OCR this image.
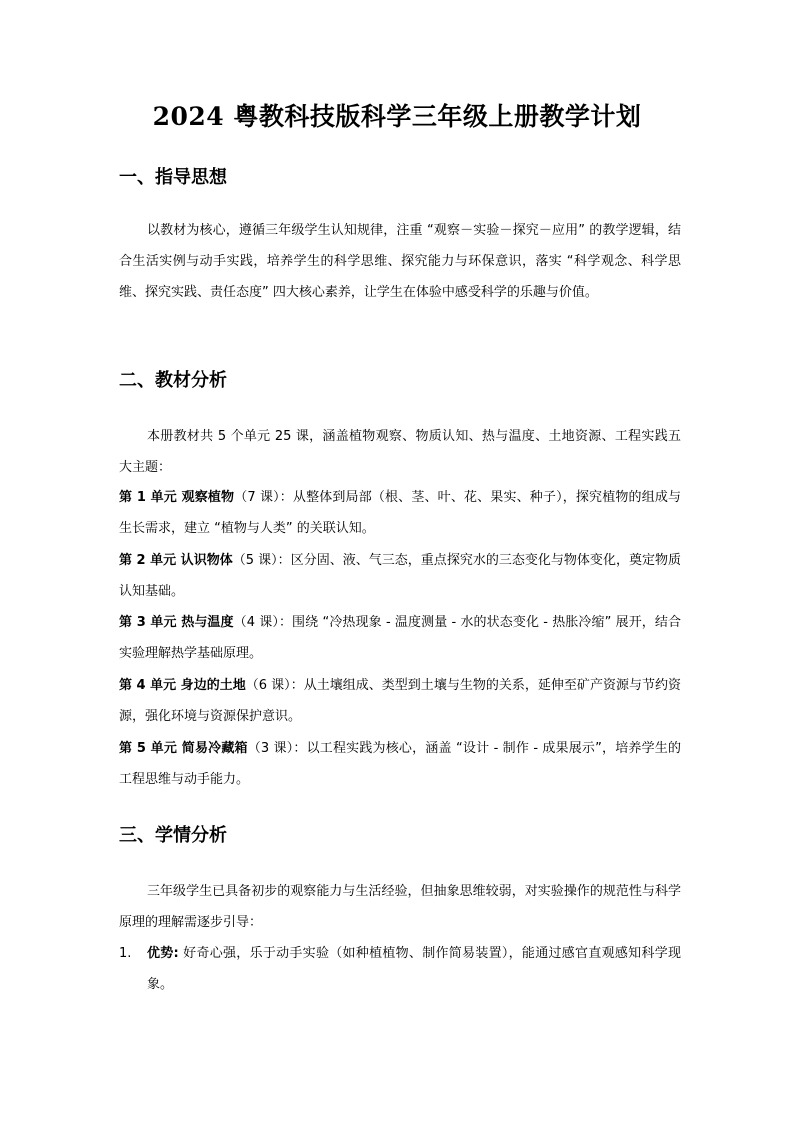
2024 粤教科技版科学三年级上册教学计划
一、指导思想

以教材为核心，遵循三年级学生认知规律，注重 “观察－实验－探究－应用” 的教学逻辑，结合生活实例与动手实践，培养学生的科学思维、探究能力与环保意识，落实 “科学观念、科学思维、探究实践、责任态度” 四大核心素养，让学生在体验中感受科学的乐趣与价值。

二、教材分析

本册教材共 5 个单元 25 课，涵盖植物观察、物质认知、热与温度、土地资源、工程实践五大主题：

第 1 单元 观察植物（7 课）：从整体到局部（根、茎、叶、花、果实、种子），探究植物的组成与生长需求，建立 “植物与人类” 的关联认知。

第 2 单元 认识物体（5 课）：区分固、液、气三态，重点探究水的三态变化与物体变化，奠定物质认知基础。

第 3 单元 热与温度（4 课）：围绕 “冷热现象 - 温度测量 - 水的状态变化 - 热胀冷缩” 展开，结合实验理解热学基础原理。

第 4 单元 身边的土地（6 课）：从土壤组成、类型到土壤与生物的关系，延伸至矿产资源与节约资源，强化环境与资源保护意识。

第 5 单元 简易冷藏箱（3 课）：以工程实践为核心，涵盖 “设计 - 制作 - 成果展示”，培养学生的工程思维与动手能力。

三、学情分析

三年级学生已具备初步的观察能力与生活经验，但抽象思维较弱，对实验操作的规范性与科学原理的理解需逐步引导：

1. 优势: 好奇心强，乐于动手实验（如种植植物、制作简易装置），能通过感官直观感知科学现象。
